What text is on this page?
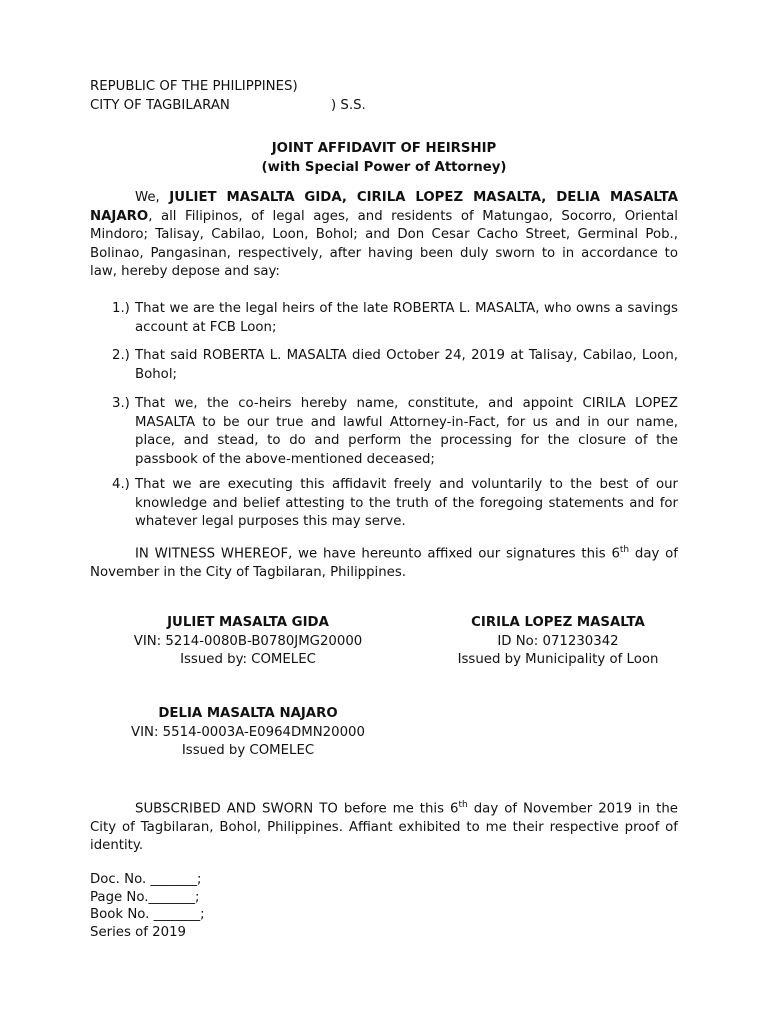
REPUBLIC OF THE PHILIPPINES)
CITY OF TAGBILARAN	) S.S.
JOINT AFFIDAVIT OF HEIRSHIP
(with Special Power of Attorney)
We, JULIET MASALTA GIDA, CIRILA LOPEZ MASALTA, DELIA MASALTA NAJARO, all Filipinos, of legal ages, and residents of Matungao, Socorro, Oriental Mindoro; Talisay, Cabilao, Loon, Bohol; and Don Cesar Cacho Street, Germinal Pob., Bolinao, Pangasinan, respectively, after having been duly sworn to in accordance to law, hereby depose and say:
1.) That we are the legal heirs of the late ROBERTA L. MASALTA, who owns a savings account at FCB Loon;
2.) That said ROBERTA L. MASALTA died October 24, 2019 at Talisay, Cabilao, Loon, Bohol;
3.) That we, the co-heirs hereby name, constitute, and appoint CIRILA LOPEZ MASALTA to be our true and lawful Attorney-in-Fact, for us and in our name, place, and stead, to do and perform the processing for the closure of the passbook of the above-mentioned deceased;
4.) That we are executing this affidavit freely and voluntarily to the best of our knowledge and belief attesting to the truth of the foregoing statements and for whatever legal purposes this may serve.
IN WITNESS WHEREOF, we have hereunto affixed our signatures this 6th day of November in the City of Tagbilaran, Philippines.
JULIET MASALTA GIDA
VIN: 5214-0080B-B0780JMG20000
Issued by: COMELEC
CIRILA LOPEZ MASALTA
ID No: 071230342
Issued by Municipality of Loon
DELIA MASALTA NAJARO
VIN: 5514-0003A-E0964DMN20000
Issued by COMELEC
SUBSCRIBED AND SWORN TO before me this 6th day of November 2019 in the City of Tagbilaran, Bohol, Philippines. Affiant exhibited to me their respective proof of identity.
Doc. No. _______;
Page No._______;
Book No. _______;
Series of 2019
